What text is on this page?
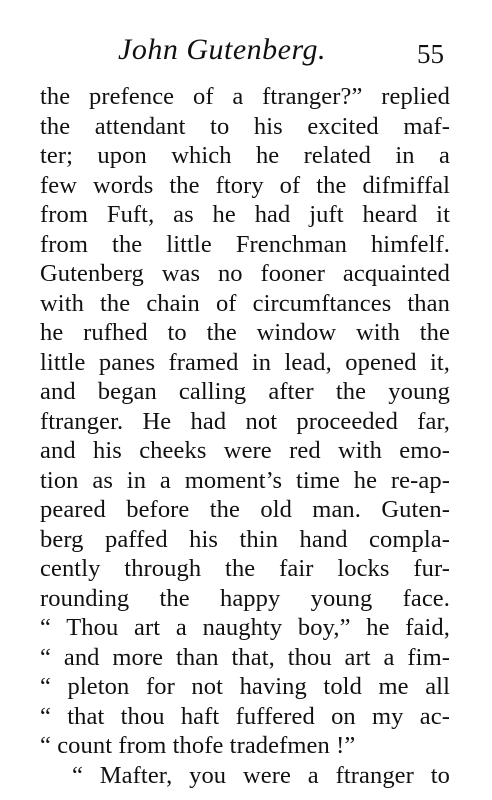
John Gutenberg.	55
the prefence of a ftranger?” replied
the attendant to his excited maf-
ter; upon which he related in a
few words the ftory of the difmiffal
from Fuft, as he had juft heard it
from the little Frenchman himfelf.
Gutenberg was no fooner acquainted
with the chain of circumftances than
he rufhed to the window with the
little panes framed in lead, opened it,
and began calling after the young
ftranger. He had not proceeded far,
and his cheeks were red with emo-
tion as in a moment’s time he re-ap-
peared before the old man. Guten-
berg paffed his thin hand compla-
cently through the fair locks fur-
rounding the happy young face.
“ Thou art a naughty boy,” he faid,
“ and more than that, thou art a fim-
“ pleton for not having told me all
“ that thou haft fuffered on my ac-
“ count from thofe tradefmen !”
“ Mafter, you were a ftranger to
